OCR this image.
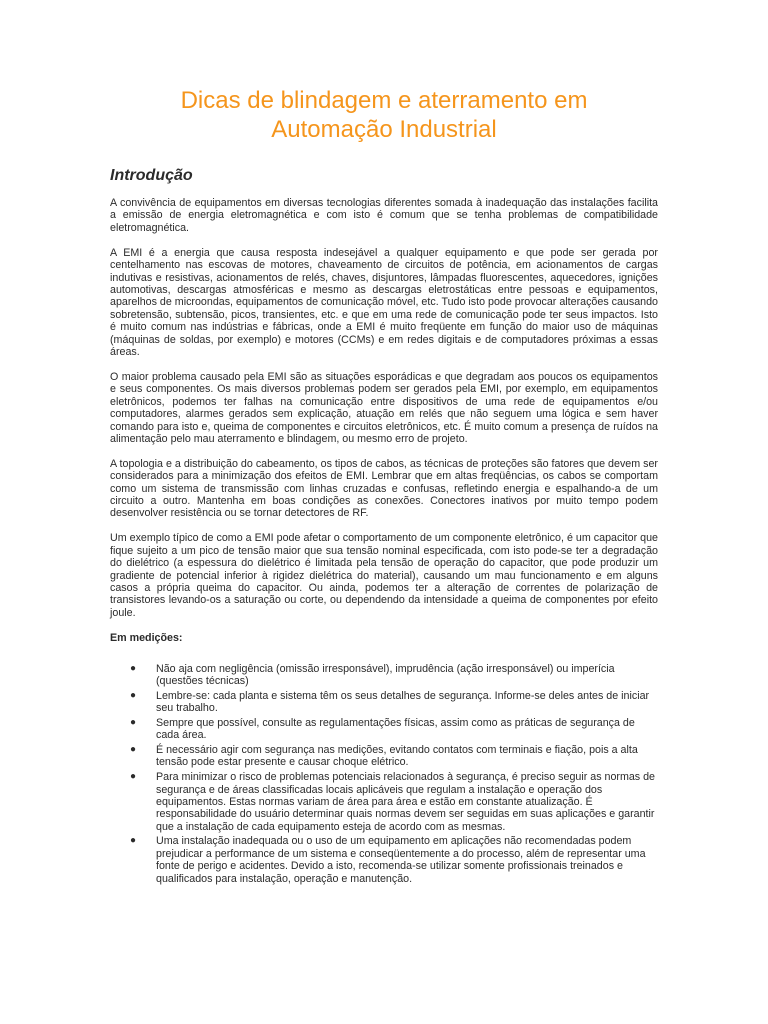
Dicas de blindagem e aterramento em
Automação Industrial
Introdução

A convivência de equipamentos em diversas tecnologias diferentes somada à inadequação das instalações facilita a emissão de energia eletromagnética e com isto é comum que se tenha problemas de compatibilidade eletromagnética.

A EMI é a energia que causa resposta indesejável a qualquer equipamento e que pode ser gerada por centelhamento nas escovas de motores, chaveamento de circuitos de potência, em acionamentos de cargas indutivas e resistivas, acionamentos de relés, chaves, disjuntores, lâmpadas fluorescentes, aquecedores, ignições automotivas, descargas atmosféricas e mesmo as descargas eletrostáticas entre pessoas e equipamentos, aparelhos de microondas, equipamentos de comunicação móvel, etc. Tudo isto pode provocar alterações causando sobretensão, subtensão, picos, transientes, etc. e que em uma rede de comunicação pode ter seus impactos. Isto é muito comum nas indústrias e fábricas, onde a EMI é muito freqüente em função do maior uso de máquinas (máquinas de soldas, por exemplo) e motores (CCMs) e em redes digitais e de computadores próximas a essas áreas.

O maior problema causado pela EMI são as situações esporádicas e que degradam aos poucos os equipamentos e seus componentes. Os mais diversos problemas podem ser gerados pela EMI, por exemplo, em equipamentos eletrônicos, podemos ter falhas na comunicação entre dispositivos de uma rede de equipamentos e/ou computadores, alarmes gerados sem explicação, atuação em relés que não seguem uma lógica e sem haver comando para isto e, queima de componentes e circuitos eletrônicos, etc. É muito comum a presença de ruídos na alimentação pelo mau aterramento e blindagem, ou mesmo erro de projeto.

A topologia e a distribuição do cabeamento, os tipos de cabos, as técnicas de proteções são fatores que devem ser considerados para a minimização dos efeitos de EMI. Lembrar que em altas freqüências, os cabos se comportam como um sistema de transmissão com linhas cruzadas e confusas, refletindo energia e espalhando-a de um circuito a outro. Mantenha em boas condições as conexões. Conectores inativos por muito tempo podem desenvolver resistência ou se tornar detectores de RF.

Um exemplo típico de como a EMI pode afetar o comportamento de um componente eletrônico, é um capacitor que fique sujeito a um pico de tensão maior que sua tensão nominal especificada, com isto pode-se ter a degradação do dielétrico (a espessura do dielétrico é limitada pela tensão de operação do capacitor, que pode produzir um gradiente de potencial inferior à rigidez dielétrica do material), causando um mau funcionamento e em alguns casos a própria queima do capacitor. Ou ainda, podemos ter a alteração de correntes de polarização de transistores levando-os a saturação ou corte, ou dependendo da intensidade a queima de componentes por efeito joule.

Em medições:

● Não aja com negligência (omissão irresponsável), imprudência (ação irresponsável) ou imperícia (questões técnicas)
● Lembre-se: cada planta e sistema têm os seus detalhes de segurança. Informe-se deles antes de iniciar seu trabalho.
● Sempre que possível, consulte as regulamentações físicas, assim como as práticas de segurança de cada área.
● É necessário agir com segurança nas medições, evitando contatos com terminais e fiação, pois a alta tensão pode estar presente e causar choque elétrico.
● Para minimizar o risco de problemas potenciais relacionados à segurança, é preciso seguir as normas de segurança e de áreas classificadas locais aplicáveis que regulam a instalação e operação dos equipamentos. Estas normas variam de área para área e estão em constante atualização. É responsabilidade do usuário determinar quais normas devem ser seguidas em suas aplicações e garantir que a instalação de cada equipamento esteja de acordo com as mesmas.
● Uma instalação inadequada ou o uso de um equipamento em aplicações não recomendadas podem prejudicar a performance de um sistema e conseqüentemente a do processo, além de representar uma fonte de perigo e acidentes. Devido a isto, recomenda-se utilizar somente profissionais treinados e qualificados para instalação, operação e manutenção.
